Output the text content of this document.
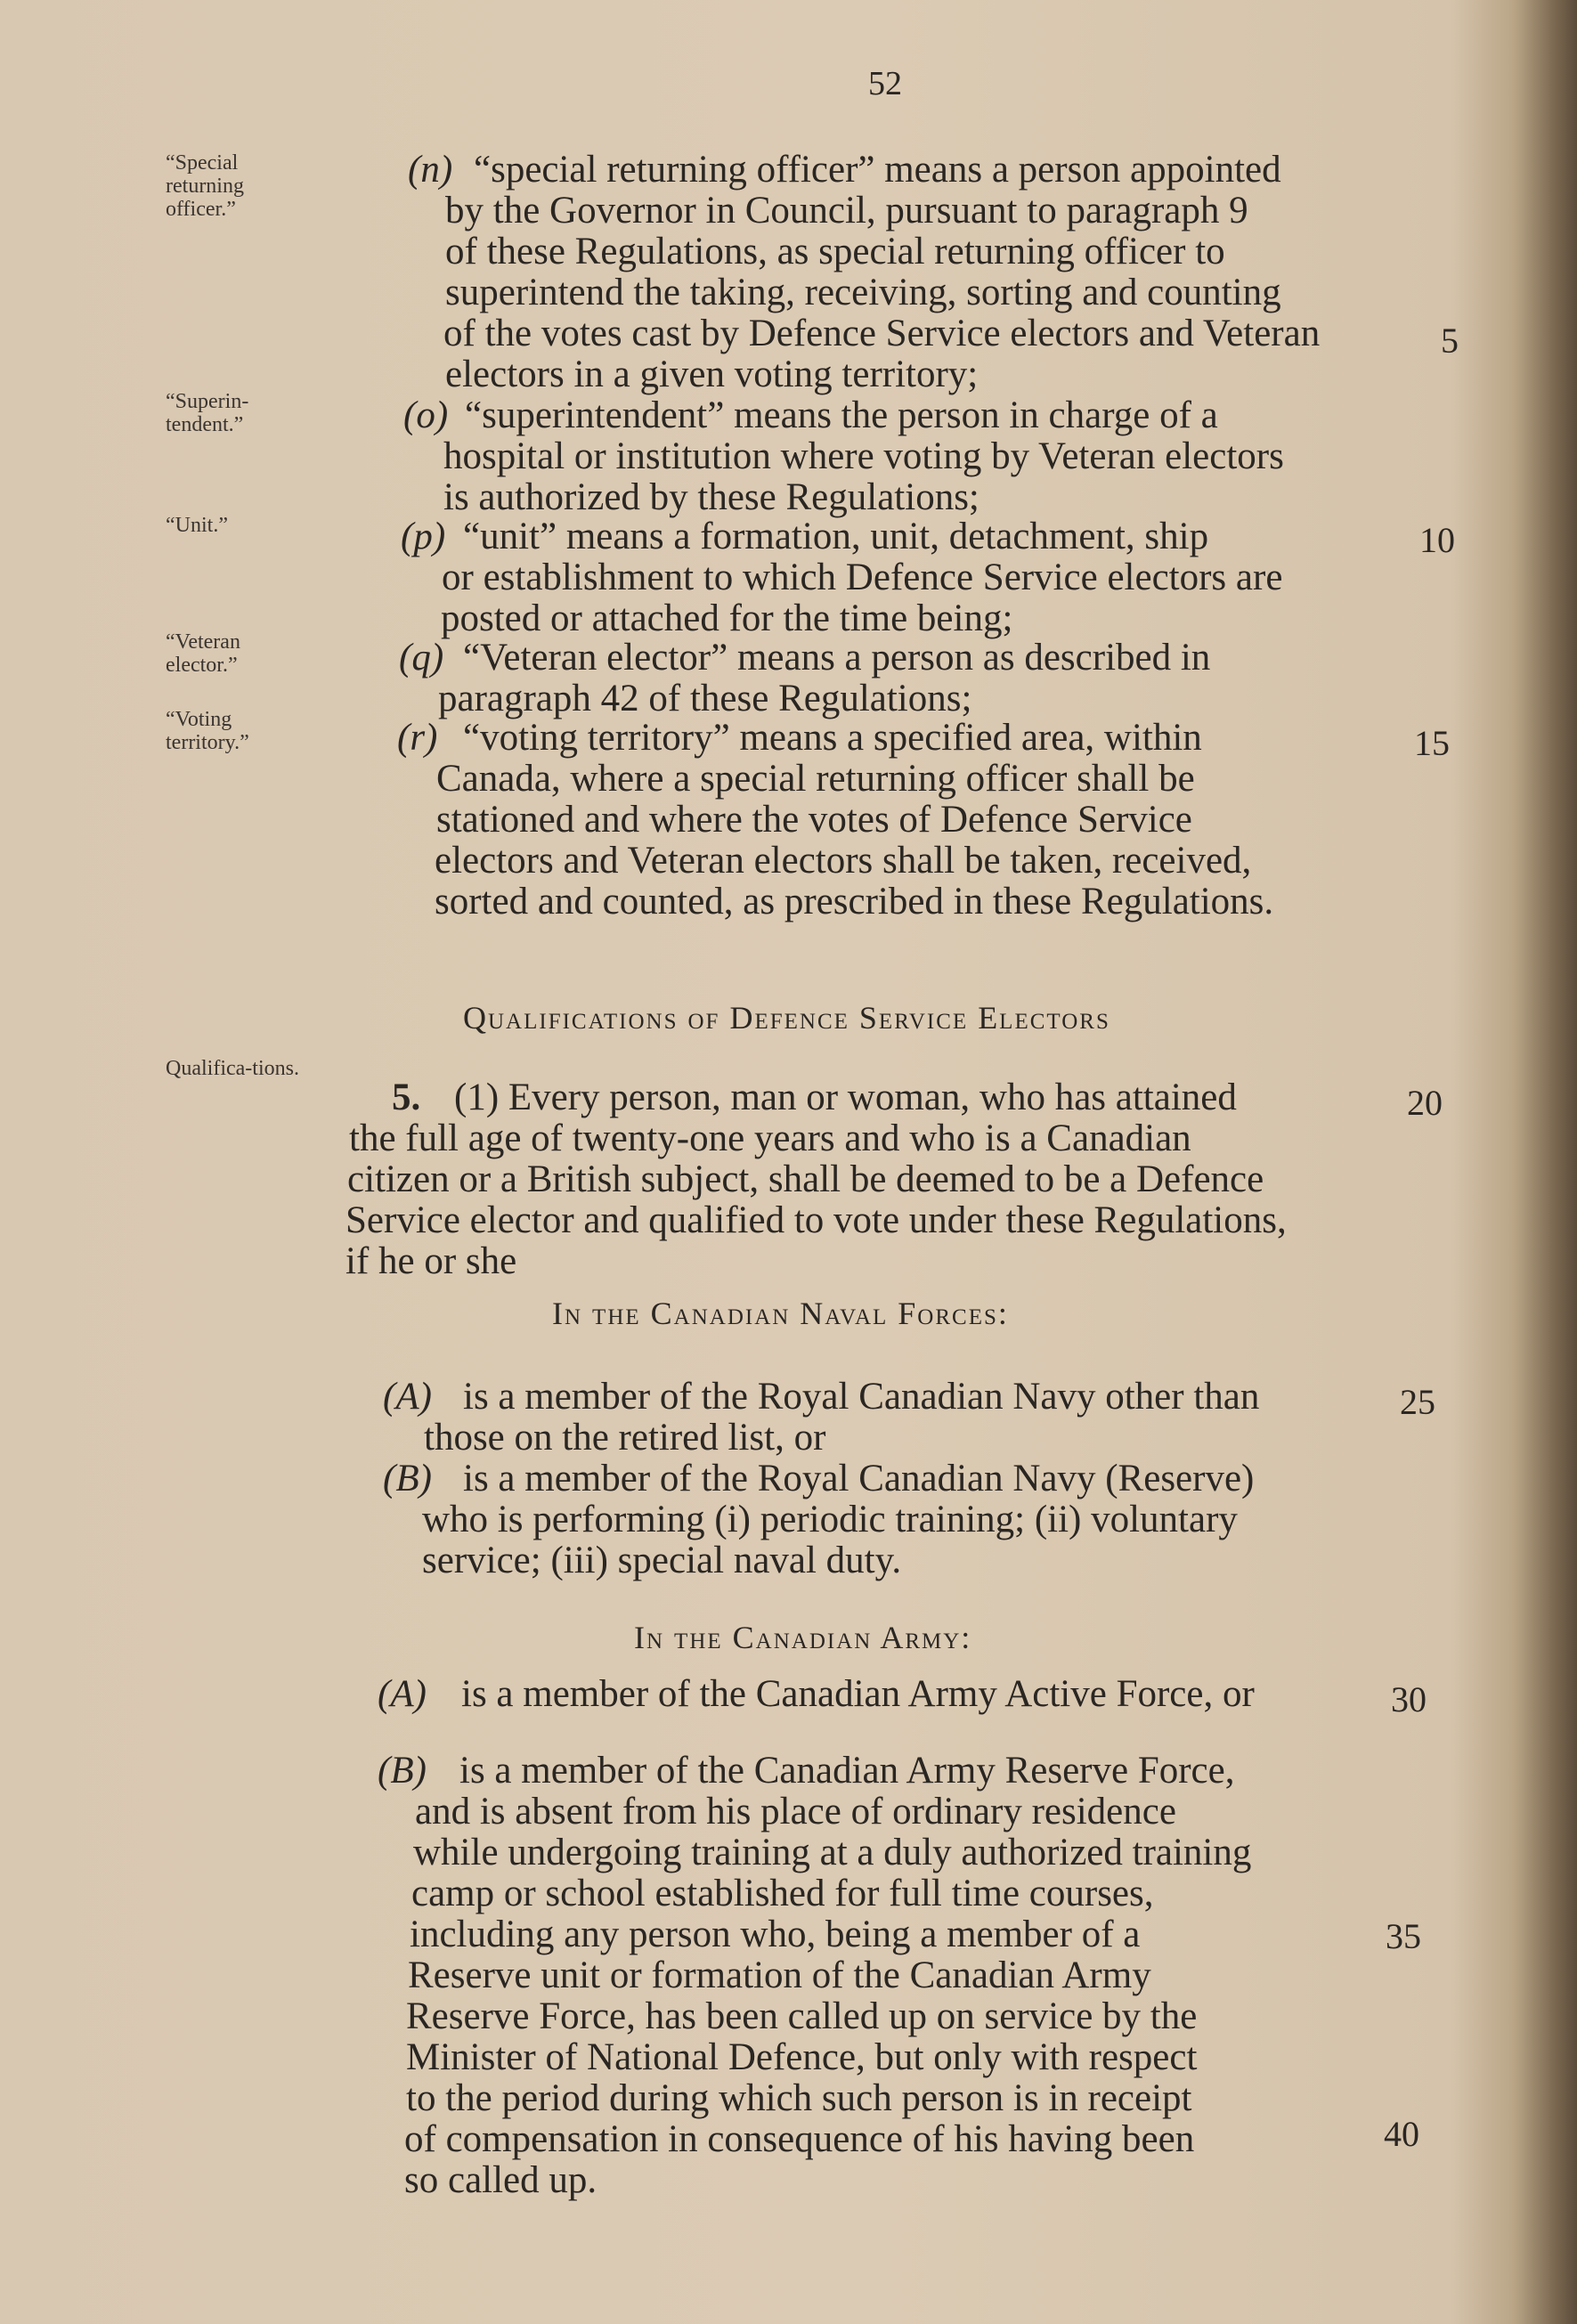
52
“Special returning officer.”
“Superin-tendent.”
“Unit.”
“Veteran elector.”
“Voting territory.”
Qualifica-tions.
(n) “special returning officer” means a person appointed
by the Governor in Council, pursuant to paragraph 9
of these Regulations, as special returning officer to
superintend the taking, receiving, sorting and counting
of the votes cast by Defence Service electors and Veteran
electors in a given voting territory;
(o) “superintendent” means the person in charge of a
hospital or institution where voting by Veteran electors
is authorized by these Regulations;
(p) “unit” means a formation, unit, detachment, ship
or establishment to which Defence Service electors are
posted or attached for the time being;
(q) “Veteran elector” means a person as described in
paragraph 42 of these Regulations;
(r) “voting territory” means a specified area, within
Canada, where a special returning officer shall be
stationed and where the votes of Defence Service
electors and Veteran electors shall be taken, received,
sorted and counted, as prescribed in these Regulations.
Qualifications of Defence Service Electors
5. (1) Every person, man or woman, who has attained
the full age of twenty-one years and who is a Canadian
citizen or a British subject, shall be deemed to be a Defence
Service elector and qualified to vote under these Regulations,
if he or she
In the Canadian Naval Forces:
(A) is a member of the Royal Canadian Navy other than
those on the retired list, or
(B) is a member of the Royal Canadian Navy (Reserve)
who is performing (i) periodic training; (ii) voluntary
service; (iii) special naval duty.
In the Canadian Army:
(A) is a member of the Canadian Army Active Force, or
(B) is a member of the Canadian Army Reserve Force,
and is absent from his place of ordinary residence
while undergoing training at a duly authorized training
camp or school established for full time courses,
including any person who, being a member of a
Reserve unit or formation of the Canadian Army
Reserve Force, has been called up on service by the
Minister of National Defence, but only with respect
to the period during which such person is in receipt
of compensation in consequence of his having been
so called up.
5
10
15
20
25
30
35
40
